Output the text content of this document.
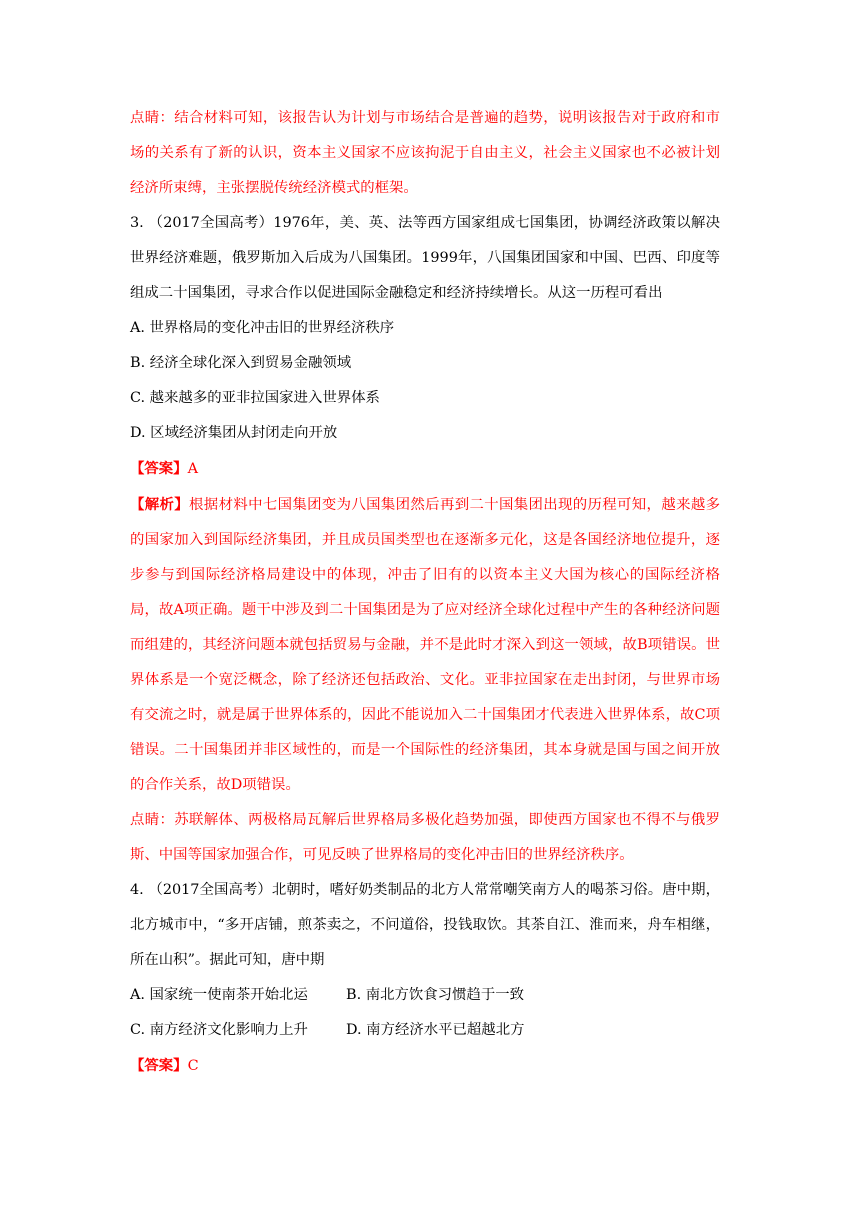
点睛：结合材料可知，该报告认为计划与市场结合是普遍的趋势，说明该报告对于政府和市场的关系有了新的认识，资本主义国家不应该拘泥于自由主义，社会主义国家也不必被计划经济所束缚，主张摆脱传统经济模式的框架。

3. （2017全国高考）1976年，美、英、法等西方国家组成七国集团，协调经济政策以解决世界经济难题，俄罗斯加入后成为八国集团。1999年，八国集团国家和中国、巴西、印度等组成二十国集团，寻求合作以促进国际金融稳定和经济持续增长。从这一历程可看出

A. 世界格局的变化冲击旧的世界经济秩序

B. 经济全球化深入到贸易金融领域

C. 越来越多的亚非拉国家进入世界体系

D. 区域经济集团从封闭走向开放

【答案】A

【解析】根据材料中七国集团变为八国集团然后再到二十国集团出现的历程可知，越来越多的国家加入到国际经济集团，并且成员国类型也在逐渐多元化，这是各国经济地位提升，逐步参与到国际经济格局建设中的体现，冲击了旧有的以资本主义大国为核心的国际经济格局，故A项正确。题干中涉及到二十国集团是为了应对经济全球化过程中产生的各种经济问题而组建的，其经济问题本就包括贸易与金融，并不是此时才深入到这一领域，故B项错误。世界体系是一个宽泛概念，除了经济还包括政治、文化。亚非拉国家在走出封闭，与世界市场有交流之时，就是属于世界体系的，因此不能说加入二十国集团才代表进入世界体系，故C项错误。二十国集团并非区域性的，而是一个国际性的经济集团，其本身就是国与国之间开放的合作关系，故D项错误。

点睛：苏联解体、两极格局瓦解后世界格局多极化趋势加强，即使西方国家也不得不与俄罗斯、中国等国家加强合作，可见反映了世界格局的变化冲击旧的世界经济秩序。

4. （2017全国高考）北朝时，嗜好奶类制品的北方人常常嘲笑南方人的喝茶习俗。唐中期，北方城市中，“多开店铺，煎茶卖之，不问道俗，投钱取饮。其茶自江、淮而来，舟车相继，所在山积”。据此可知，唐中期

A. 国家统一使南茶开始北运	B. 南北方饮食习惯趋于一致
C. 南方经济文化影响力上升	D. 南方经济水平已超越北方

【答案】C
